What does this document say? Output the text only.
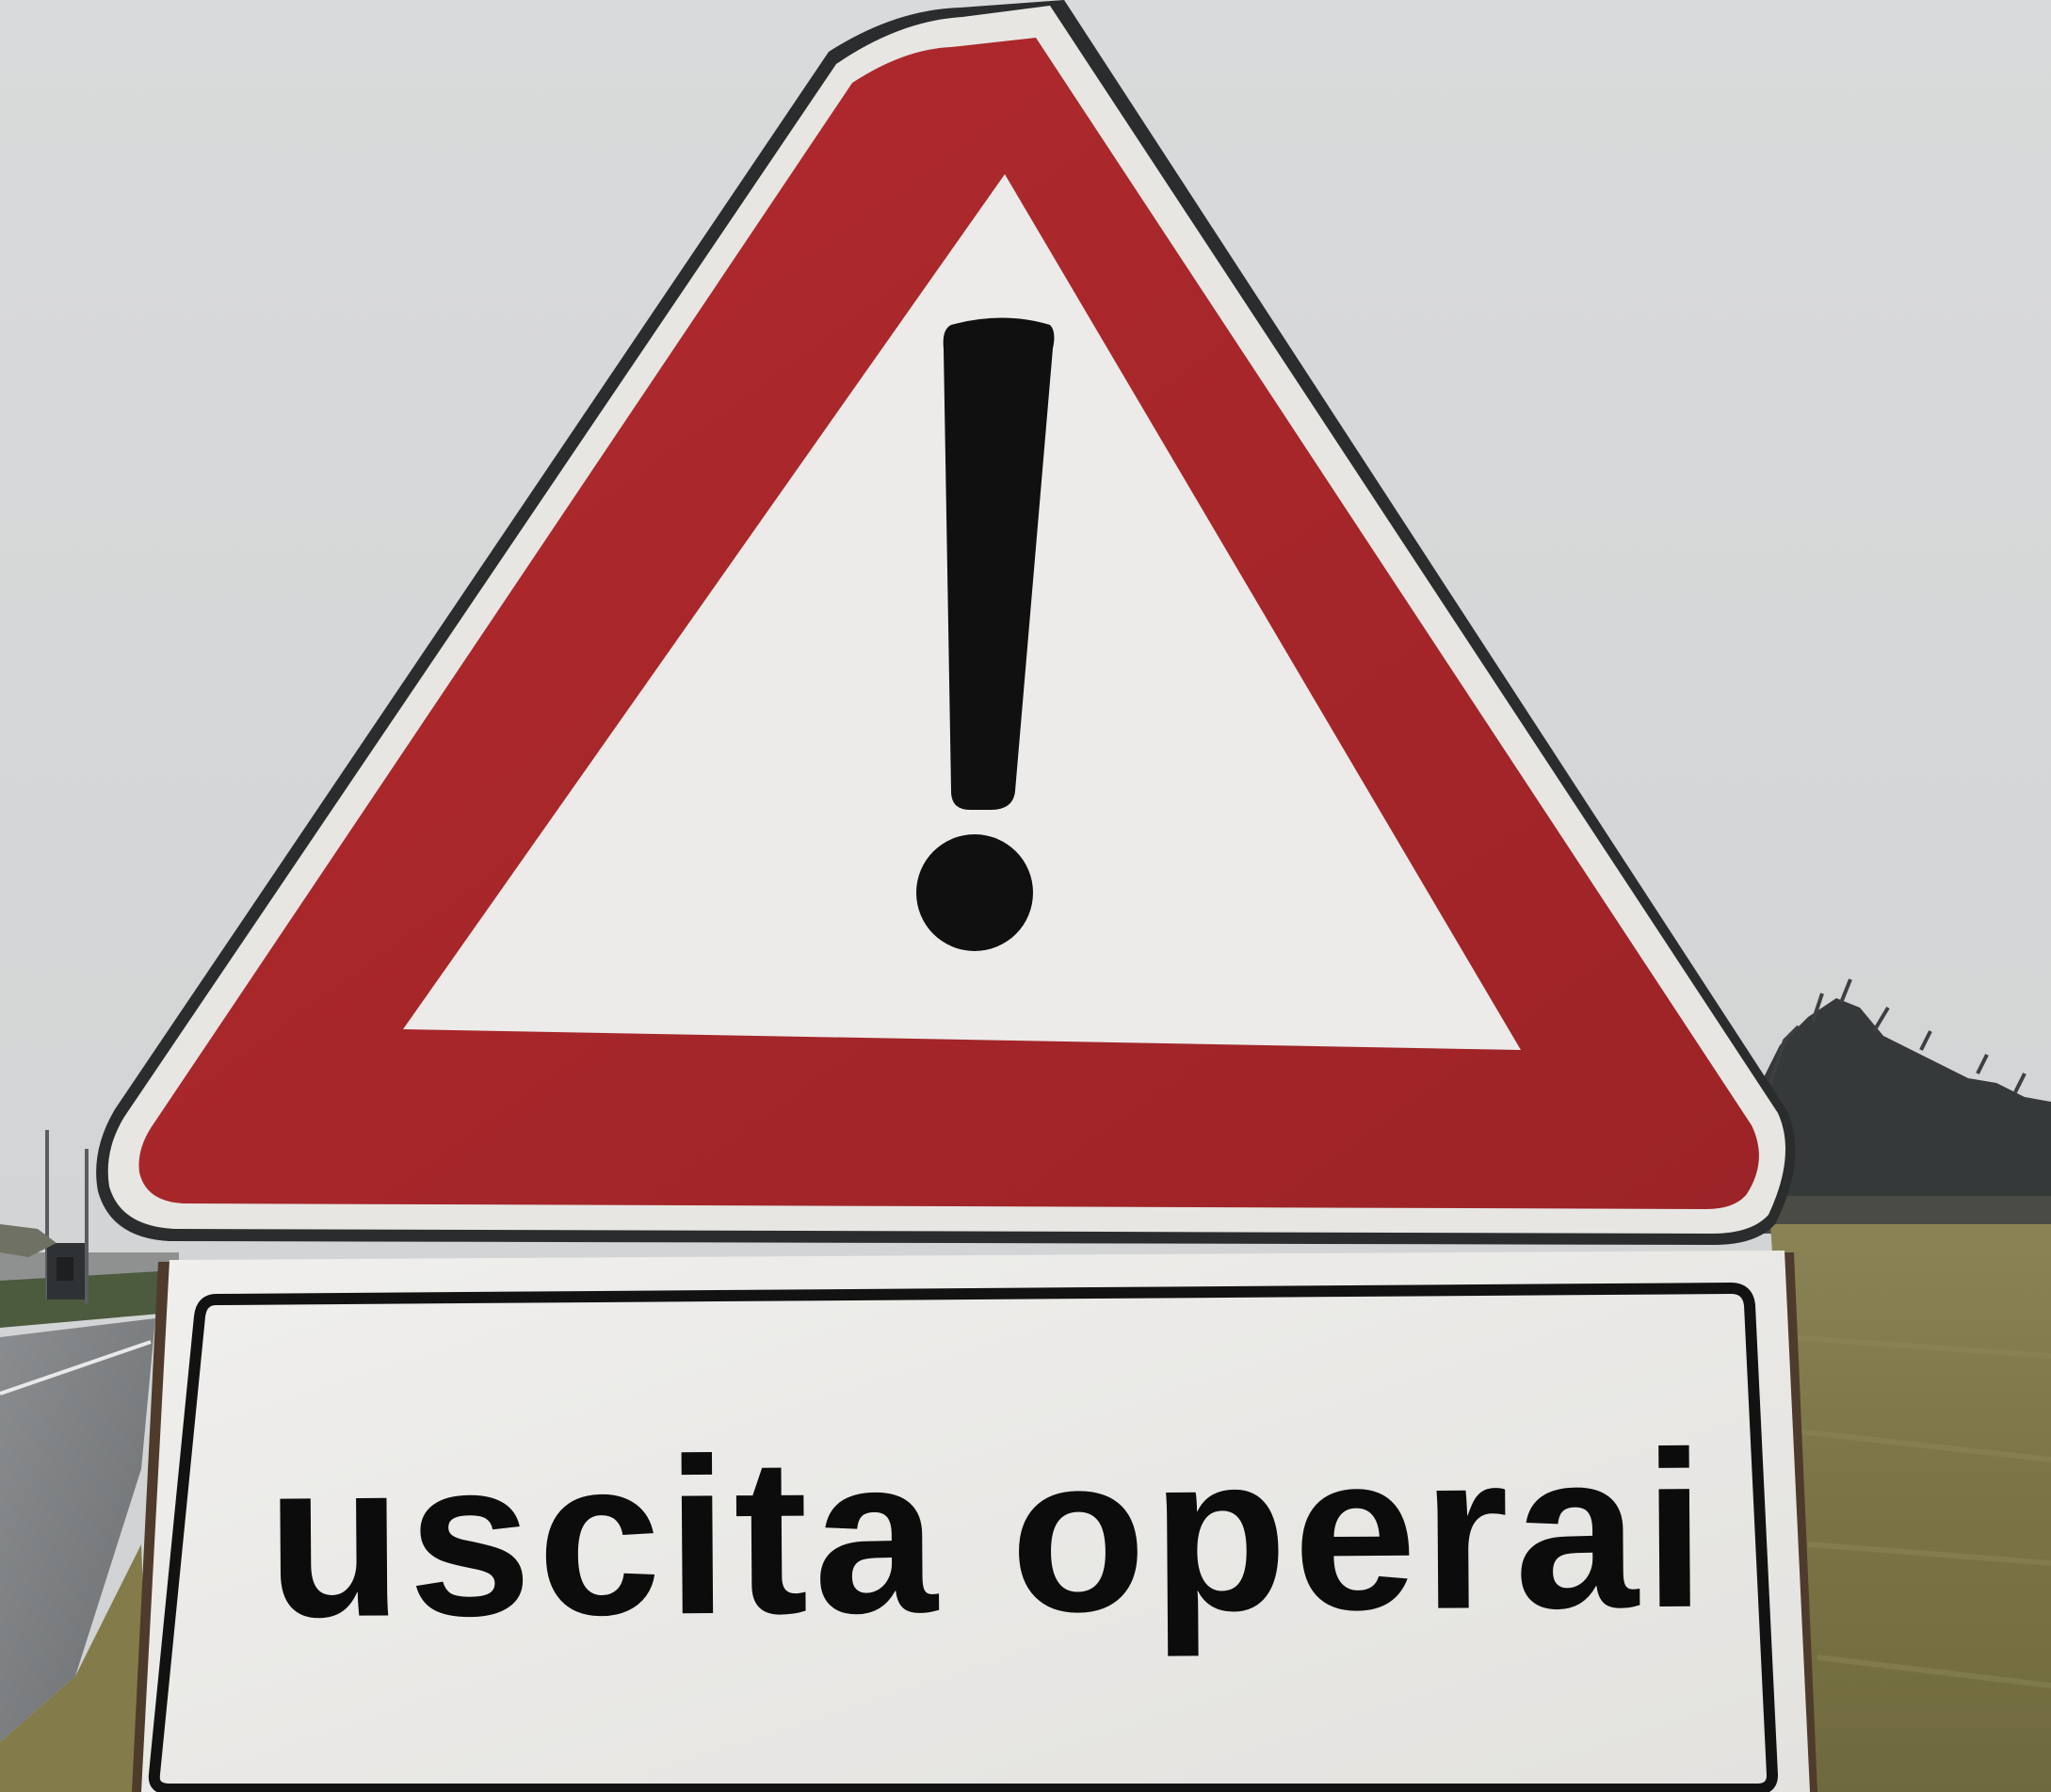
uscita operai
